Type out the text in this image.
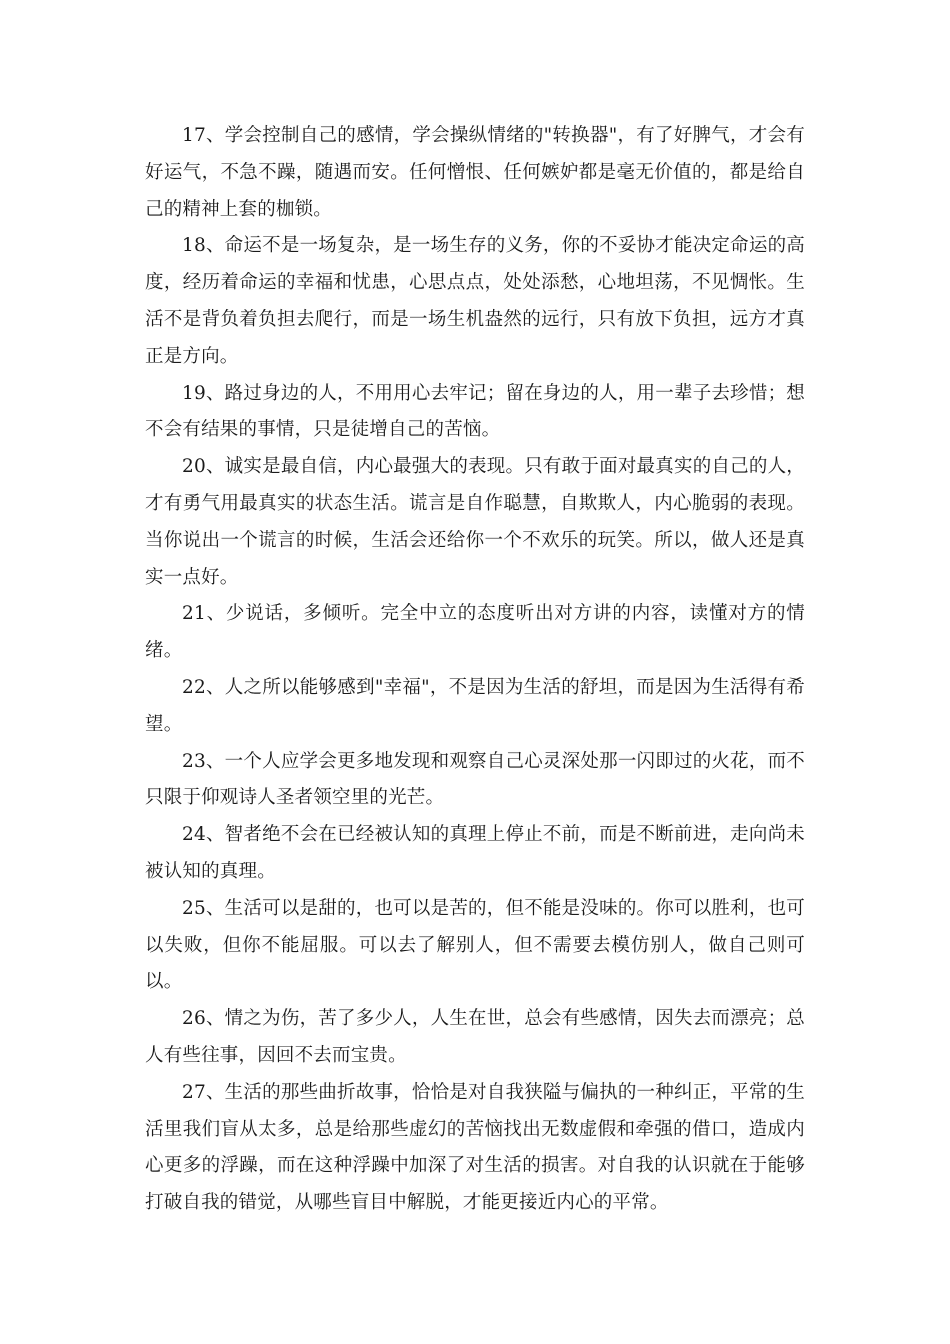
17、学会控制自己的感情，学会操纵情绪的"转换器"，有了好脾气，才会有好运气，不急不躁，随遇而安。任何憎恨、任何嫉妒都是毫无价值的，都是给自己的精神上套的枷锁。

18、命运不是一场复杂，是一场生存的义务，你的不妥协才能决定命运的高度，经历着命运的幸福和忧患，心思点点，处处添愁，心地坦荡，不见惆怅。生活不是背负着负担去爬行，而是一场生机盎然的远行，只有放下负担，远方才真正是方向。

19、路过身边的人，不用用心去牢记；留在身边的人，用一辈子去珍惜；想不会有结果的事情，只是徒增自己的苦恼。

20、诚实是最自信，内心最强大的表现。只有敢于面对最真实的自己的人，才有勇气用最真实的状态生活。谎言是自作聪慧，自欺欺人，内心脆弱的表现。当你说出一个谎言的时候，生活会还给你一个不欢乐的玩笑。所以，做人还是真实一点好。

21、少说话，多倾听。完全中立的态度听出对方讲的内容，读懂对方的情绪。

22、人之所以能够感到"幸福"，不是因为生活的舒坦，而是因为生活得有希望。

23、一个人应学会更多地发现和观察自己心灵深处那一闪即过的火花，而不只限于仰观诗人圣者领空里的光芒。

24、智者绝不会在已经被认知的真理上停止不前，而是不断前进，走向尚未被认知的真理。

25、生活可以是甜的，也可以是苦的，但不能是没味的。你可以胜利，也可以失败，但你不能屈服。可以去了解别人，但不需要去模仿别人，做自己则可以。

26、情之为伤，苦了多少人，人生在世，总会有些感情，因失去而漂亮；总人有些往事，因回不去而宝贵。

27、生活的那些曲折故事，恰恰是对自我狭隘与偏执的一种纠正，平常的生活里我们盲从太多，总是给那些虚幻的苦恼找出无数虚假和牵强的借口，造成内心更多的浮躁，而在这种浮躁中加深了对生活的损害。对自我的认识就在于能够打破自我的错觉，从哪些盲目中解脱，才能更接近内心的平常。
